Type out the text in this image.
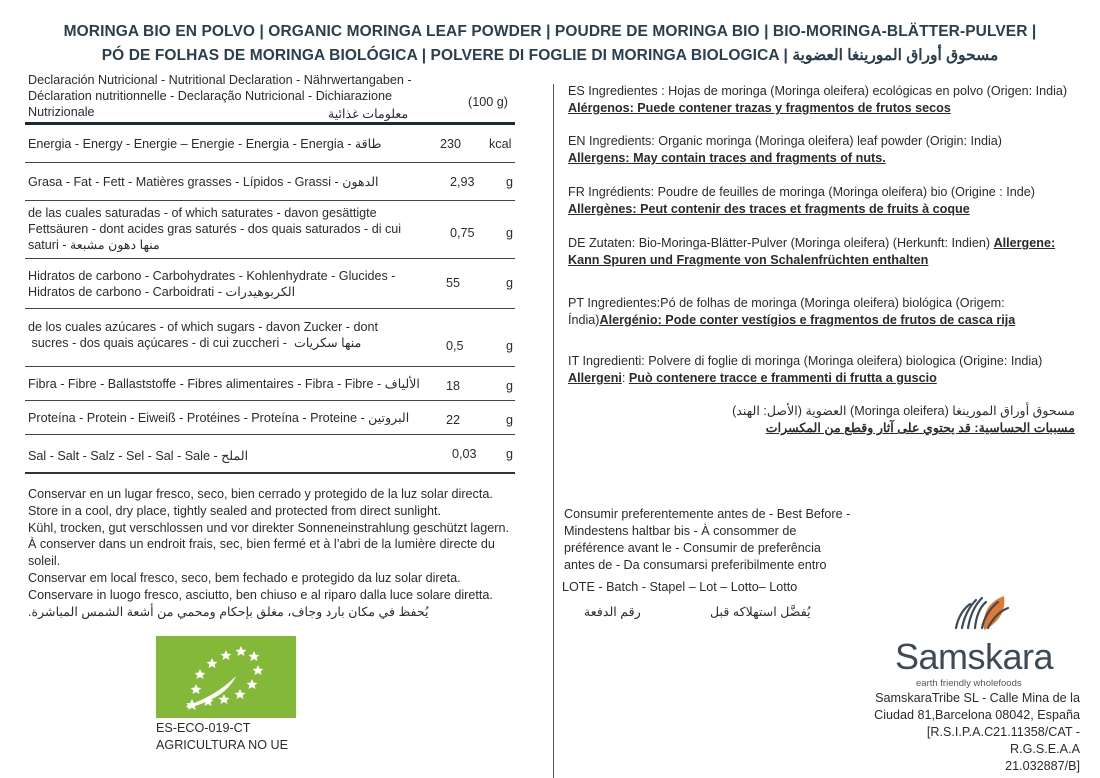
MORINGA BIO EN POLVO | ORGANIC MORINGA LEAF POWDER | POUDRE DE MORINGA BIO | BIO-MORINGA-BLÄTTER-PULVER |
PÓ DE FOLHAS DE MORINGA BIOLÓGICA | POLVERE DI FOGLIE DI MORINGA BIOLOGICA | مسحوق أوراق المورينغا العضوية
Declaración Nutricional - Nutritional Declaration - Nährwertangaben -
Déclaration nutritionnelle - Declaração Nutricional - Dichiarazione
Nutrizionale	معلومات غذائية
(100 g)
Energia - Energy - Energie – Energie - Energia - Energia - طاقة	230	kcal
Grasa - Fat - Fett - Matières grasses - Lípidos - Grassi - الدهون	2,93	g
de las cuales saturadas - of which saturates - davon gesättigte
Fettsäuren - dont acides gras saturés - dos quais saturados - di cui
saturi - منها دهون مشبعة
0,75	g
Hidratos de carbono - Carbohydrates - Kohlenhydrate - Glucides -
Hidratos de carbono - Carboidrati - الكربوهيدرات
55	g
de los cuales azúcares - of which sugars - davon Zucker - dont
sucres - dos quais açúcares - di cui zuccheri -  منها سكريات	0,5	g
Fibra - Fibre - Ballaststoffe - Fibres alimentaires - Fibra - Fibre - الألياف	18	g
Proteína - Protein - Eiweiß - Protéines - Proteína - Proteine - البروتين	22	g
Sal - Salt - Salz - Sel - Sal - Sale - الملح	0,03	g
ES Ingredientes : Hojas de moringa (Moringa oleifera) ecológicas en polvo (Origen: India)
Alérgenos: Puede contener trazas y fragmentos de frutos secos
EN Ingredients: Organic moringa (Moringa oleifera) leaf powder (Origin: India)
Allergens: May contain traces and fragments of nuts.
FR Ingrédients: Poudre de feuilles de moringa (Moringa oleifera) bio (Origine : Inde)
Allergènes: Peut contenir des traces et fragments de fruits à coque
DE Zutaten: Bio-Moringa-Blätter-Pulver (Moringa oleifera) (Herkunft: Indien) Allergene:
Kann Spuren und Fragmente von Schalenfrüchten enthalten
PT Ingredientes:Pó de folhas de moringa (Moringa oleifera) biológica (Origem:
Índia)Alergénio: Pode conter vestígios e fragmentos de frutos de casca rija
IT Ingredienti: Polvere di foglie di moringa (Moringa oleifera) biologica (Origine: India)
Allergeni: Può contenere tracce e frammenti di frutta a guscio
مسحوق أوراق المورينغا (Moringa oleifera) العضوية (الأصل: الهند)
مسببات الحساسية: قد يحتوي على آثار وقطع من المكسرات
Conservar en un lugar fresco, seco, bien cerrado y protegido de la luz solar directa.
Store in a cool, dry place, tightly sealed and protected from direct sunlight.
Kühl, trocken, gut verschlossen und vor direkter Sonneneinstrahlung geschützt lagern.
À conserver dans un endroit frais, sec, bien fermé et à l’abri de la lumière directe du
soleil.
Conservar em local fresco, seco, bem fechado e protegido da luz solar direta.
Conservare in luogo fresco, asciutto, ben chiuso e al riparo dalla luce solare diretta.
يُحفظ في مكان بارد وجاف، مغلق بإحكام ومحمي من أشعة الشمس المباشرة.
Consumir preferentemente antes de - Best Before -
Mindestens haltbar bis - À consommer de
préférence avant le - Consumir de preferência
antes de - Da consumarsi preferibilmente entro
LOTE - Batch - Stapel – Lot – Lotto– Lotto
رقم الدفعة	يُفضَّل استهلاكه قبل
ES-ECO-019-CT
AGRICULTURA NO UE
Samskara
earth friendly wholefoods
SamskaraTribe SL - Calle Mina de la
Ciudad 81,Barcelona 08042, España
[R.S.I.P.A.C21.11358/CAT - R.G.S.E.A.A
21.032887/B]
